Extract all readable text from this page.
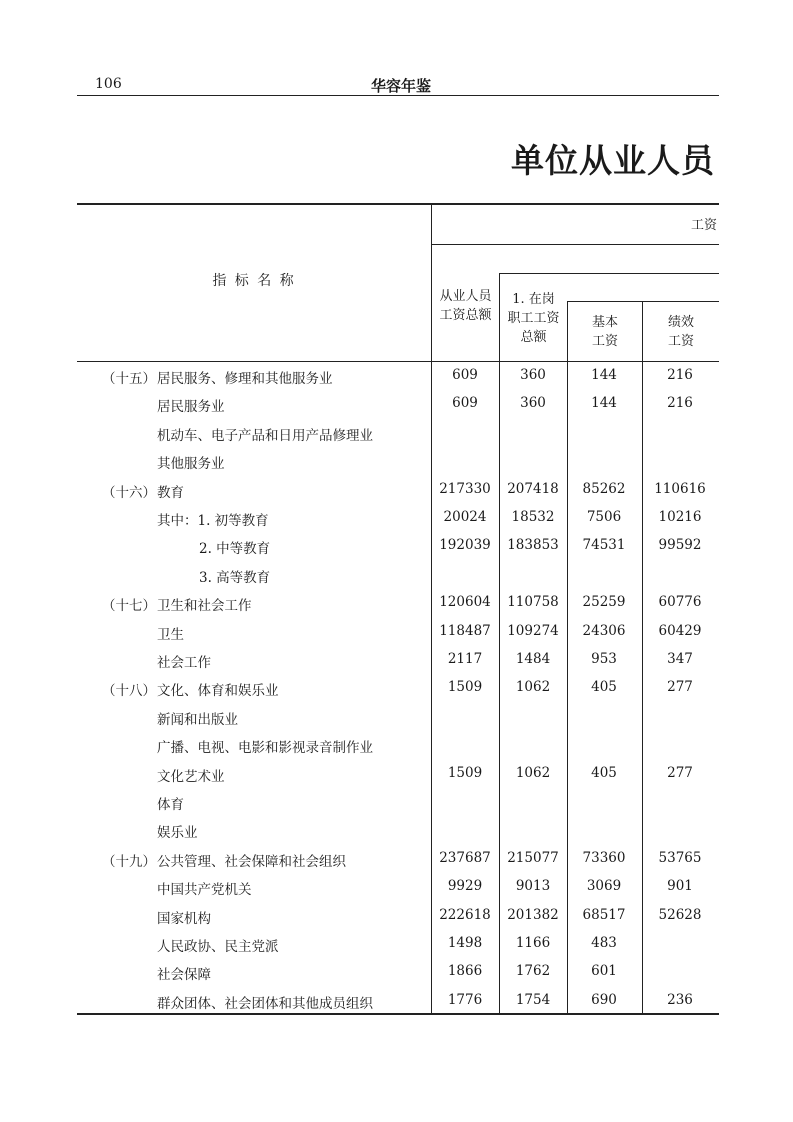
106	华容年鉴
单位从业人员
指 标 名 称
工资
从业人员
工资总额
1. 在岗
职工工资
总额
基本
工资
绩效
工资
（十五） 居民服务、修理和其他服务业	609	360	144	216
居民服务业	609	360	144	216
机动车、电子产品和日用产品修理业
其他服务业
（十六） 教育	217330	207418	85262	110616
其中：1. 初等教育	20024	18532	7506	10216
2. 中等教育	192039	183853	74531	99592
3. 高等教育
（十七） 卫生和社会工作	120604	110758	25259	60776
卫生	118487	109274	24306	60429
社会工作	2117	1484	953	347
（十八） 文化、体育和娱乐业	1509	1062	405	277
新闻和出版业
广播、电视、电影和影视录音制作业
文化艺术业	1509	1062	405	277
体育
娱乐业
（十九） 公共管理、社会保障和社会组织	237687	215077	73360	53765
中国共产党机关	9929	9013	3069	901
国家机构	222618	201382	68517	52628
人民政协、民主党派	1498	1166	483
社会保障	1866	1762	601
群众团体、社会团体和其他成员组织	1776	1754	690	236
